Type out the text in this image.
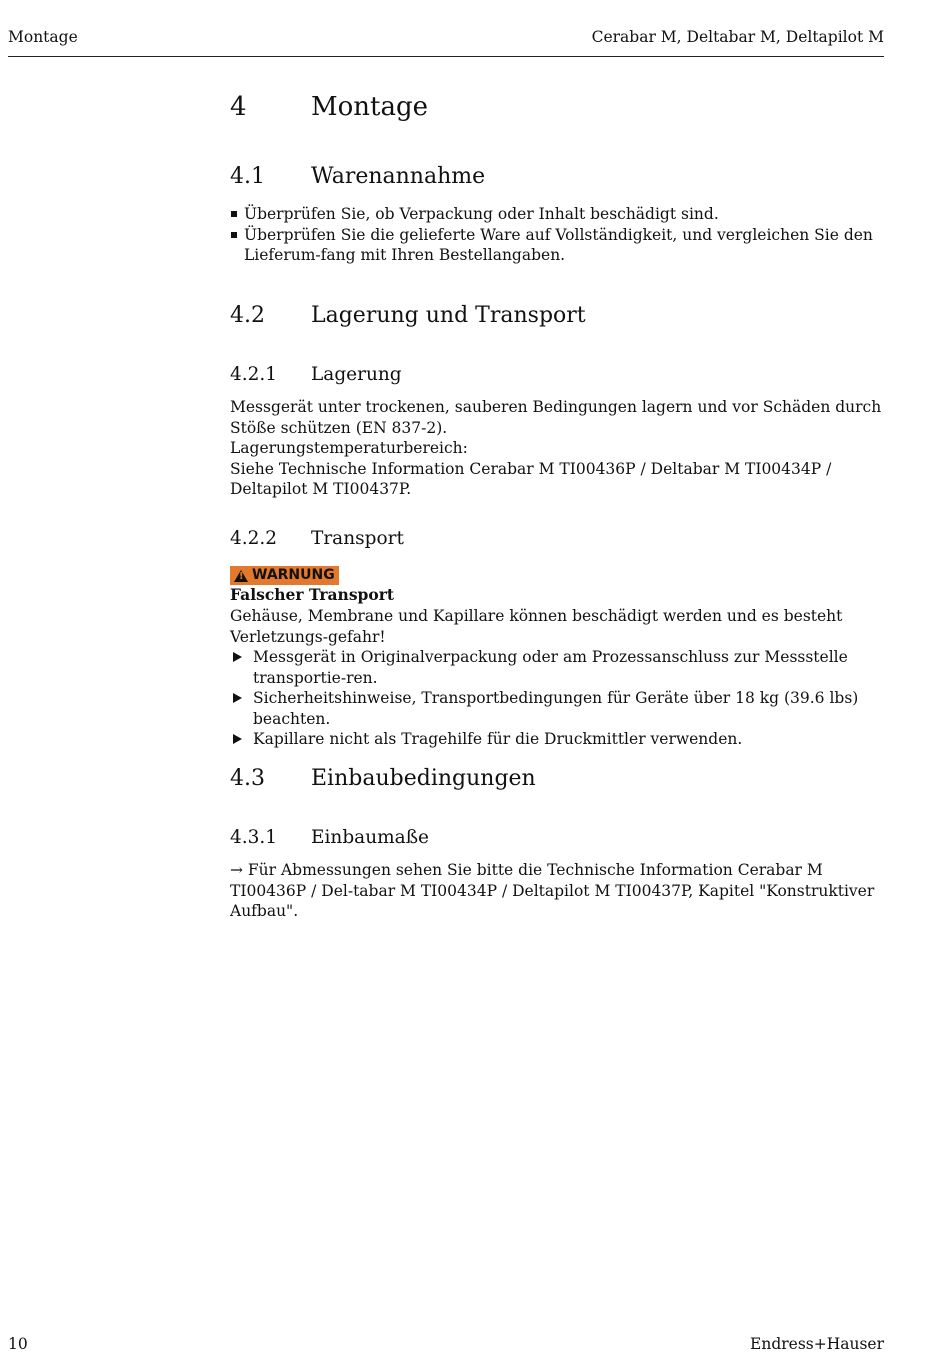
Montage	Cerabar M, Deltabar M, Deltapilot M
4 Montage
4.1 Warenannahme
Überprüfen Sie, ob Verpackung oder Inhalt beschädigt sind.
Überprüfen Sie die gelieferte Ware auf Vollständigkeit, und vergleichen Sie den Lieferum-fang mit Ihren Bestellangaben.
4.2 Lagerung und Transport
4.2.1 Lagerung
Messgerät unter trockenen, sauberen Bedingungen lagern und vor Schäden durch Stöße schützen (EN 837-2).
Lagerungstemperaturbereich:
Siehe Technische Information Cerabar M TI00436P / Deltabar M TI00434P / Deltapilot M TI00437P.
4.2.2 Transport
!
WARNUNG
Falscher Transport
Gehäuse, Membrane und Kapillare können beschädigt werden und es besteht Verletzungs-gefahr!
Messgerät in Originalverpackung oder am Prozessanschluss zur Messstelle transportie-ren.
Sicherheitshinweise, Transportbedingungen für Geräte über 18 kg (39.6 lbs) beachten.
Kapillare nicht als Tragehilfe für die Druckmittler verwenden.
4.3 Einbaubedingungen
4.3.1 Einbaumaße
→ Für Abmessungen sehen Sie bitte die Technische Information Cerabar M TI00436P / Del-tabar M TI00434P / Deltapilot M TI00437P, Kapitel "Konstruktiver Aufbau".
10	Endress+Hauser
